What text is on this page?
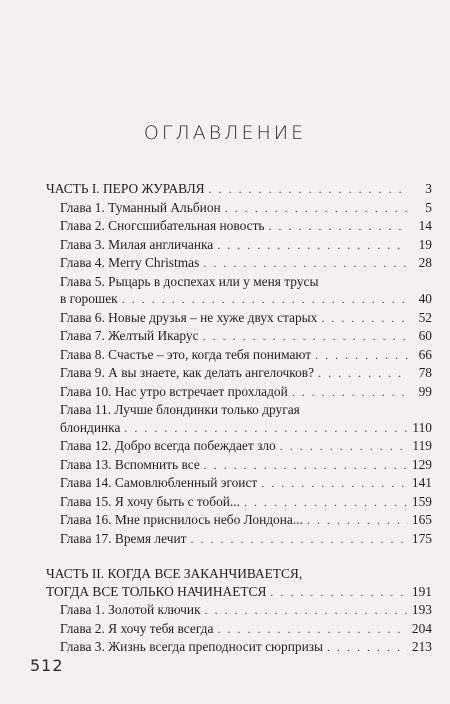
ОГЛАВЛЕНИЕ
ЧАСТЬ I. ПЕРО ЖУРАВЛЯ . . .	3
Глава 1. Туманный Альбион . . .	5
Глава 2. Сногсшибательная новость . . .	14
Глава 3. Милая англичанка . . .	19
Глава 4. Merry Christmas . . .	28
Глава 5. Рыцарь в доспехах или у меня трусы
в горошек . . .	40
Глава 6. Новые друзья – не хуже двух старых . . .	52
Глава 7. Желтый Икарус . . .	60
Глава 8. Счастье – это, когда тебя понимают . . .	66
Глава 9. А вы знаете, как делать ангелочков? . . .	78
Глава 10. Нас утро встречает прохладой . . .	99
Глава 11. Лучше блондинки только другая
блондинка . . .	110
Глава 12. Добро всегда побеждает зло . . .	119
Глава 13. Вспомнить все . . .	129
Глава 14. Самовлюбленный эгоист . . .	141
Глава 15. Я хочу быть с тобой... . . .	159
Глава 16. Мне приснилось небо Лондона... . . .	165
Глава 17. Время лечит . . .	175
ЧАСТЬ II. КОГДА ВСЕ ЗАКАНЧИВАЕТСЯ,
ТОГДА ВСЕ ТОЛЬКО НАЧИНАЕТСЯ . . .	191
Глава 1. Золотой ключик . . .	193
Глава 2. Я хочу тебя всегда . . .	204
Глава 3. Жизнь всегда преподносит сюрпризы . . .	213
512
